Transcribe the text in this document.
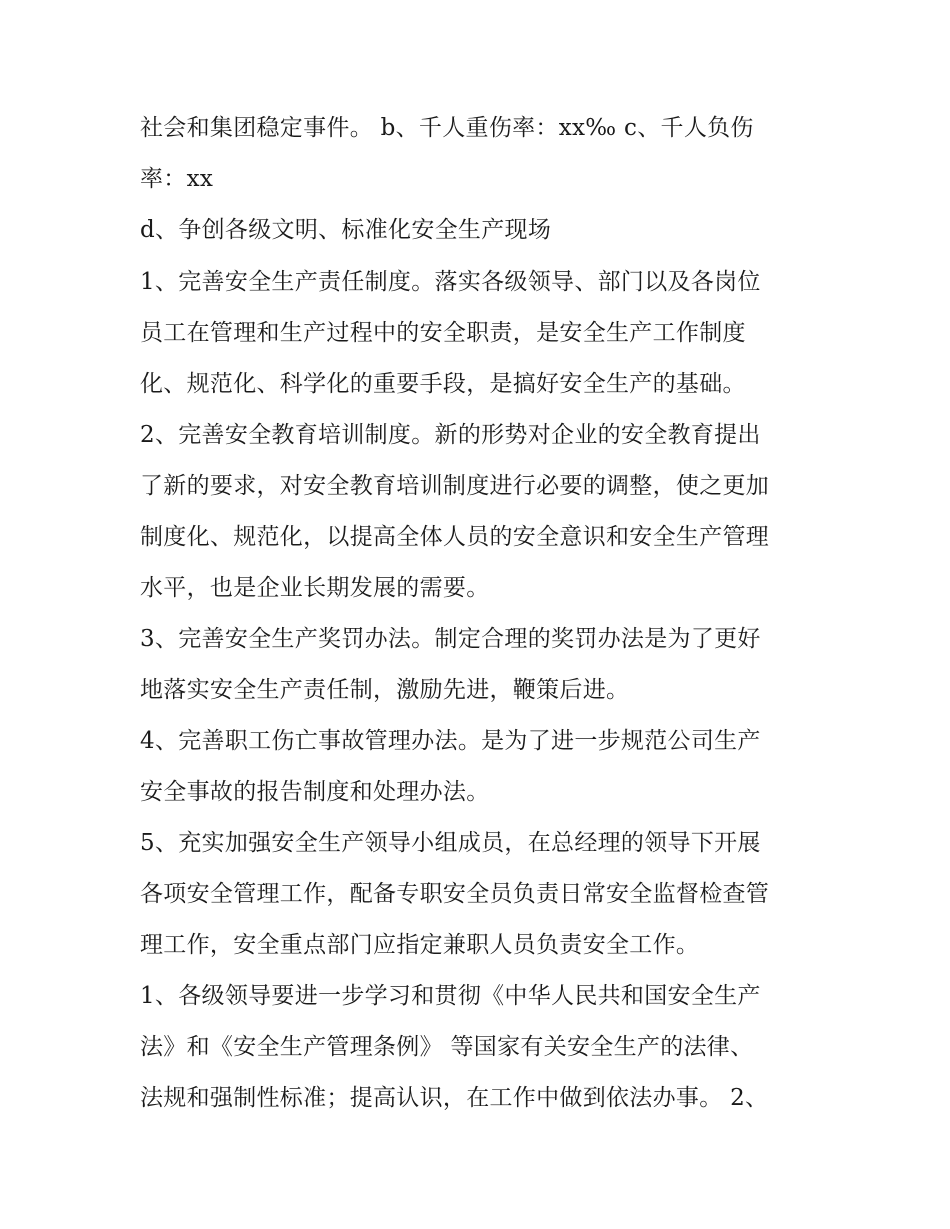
社会和集团稳定事件。 b、千人重伤率：xx‰ c、千人负伤
率：xx
d、争创各级文明、标准化安全生产现场
1、完善安全生产责任制度。落实各级领导、部门以及各岗位
员工在管理和生产过程中的安全职责，是安全生产工作制度
化、规范化、科学化的重要手段，是搞好安全生产的基础。
2、完善安全教育培训制度。新的形势对企业的安全教育提出
了新的要求，对安全教育培训制度进行必要的调整，使之更加
制度化、规范化，以提高全体人员的安全意识和安全生产管理
水平，也是企业长期发展的需要。
3、完善安全生产奖罚办法。制定合理的奖罚办法是为了更好
地落实安全生产责任制，激励先进，鞭策后进。
4、完善职工伤亡事故管理办法。是为了进一步规范公司生产
安全事故的报告制度和处理办法。
5、充实加强安全生产领导小组成员，在总经理的领导下开展
各项安全管理工作，配备专职安全员负责日常安全监督检查管
理工作，安全重点部门应指定兼职人员负责安全工作。
1、各级领导要进一步学习和贯彻《中华人民共和国安全生产
法》和《安全生产管理条例》 等国家有关安全生产的法律、
法规和强制性标准；提高认识，在工作中做到依法办事。 2、
